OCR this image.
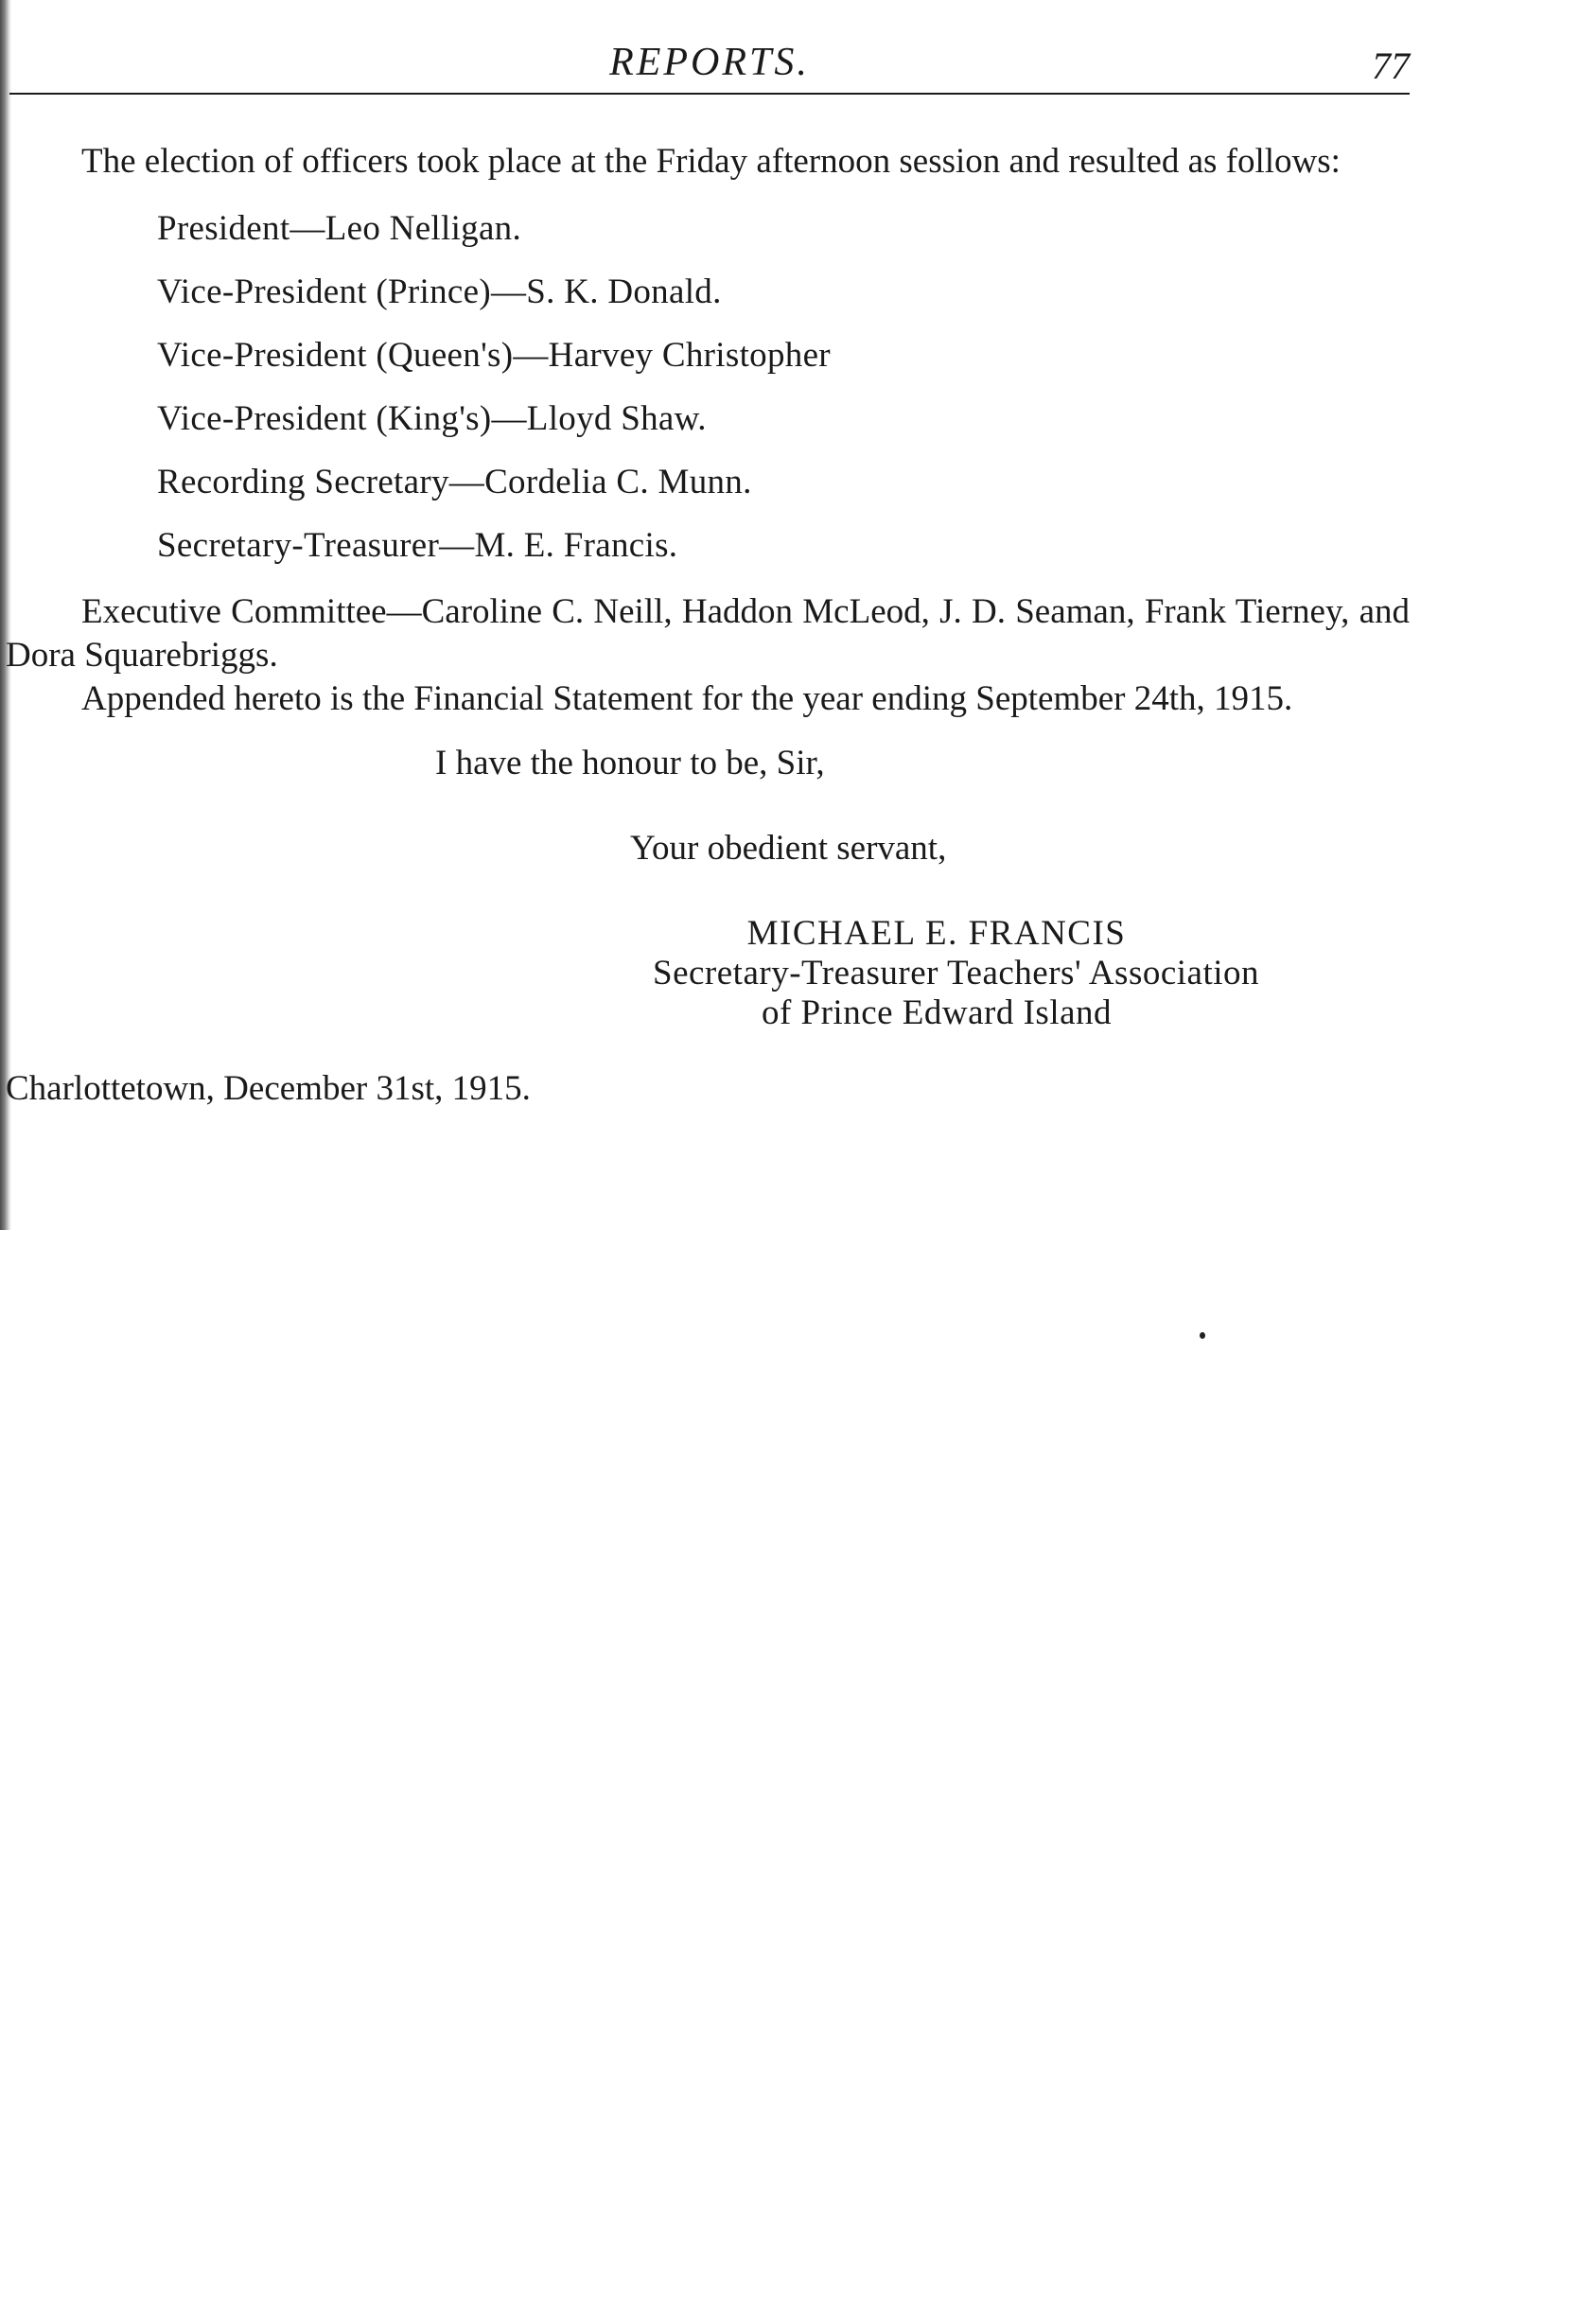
REPORTS.	77

The election of officers took place at the Friday afternoon session and resulted as follows:

President—Leo Nelligan.
Vice-President (Prince)—S. K. Donald.
Vice-President (Queen's)—Harvey Christopher
Vice-President (King's)—Lloyd Shaw.
Recording Secretary—Cordelia C. Munn.
Secretary-Treasurer—M. E. Francis.

Executive Committee—Caroline C. Neill, Haddon McLeod, J. D. Seaman, Frank Tierney, and Dora Squarebriggs.

Appended hereto is the Financial Statement for the year ending September 24th, 1915.

I have the honour to be, Sir,

Your obedient servant,

MICHAEL E. FRANCIS
Secretary-Treasurer Teachers' Association
of Prince Edward Island

Charlottetown, December 31st, 1915.
